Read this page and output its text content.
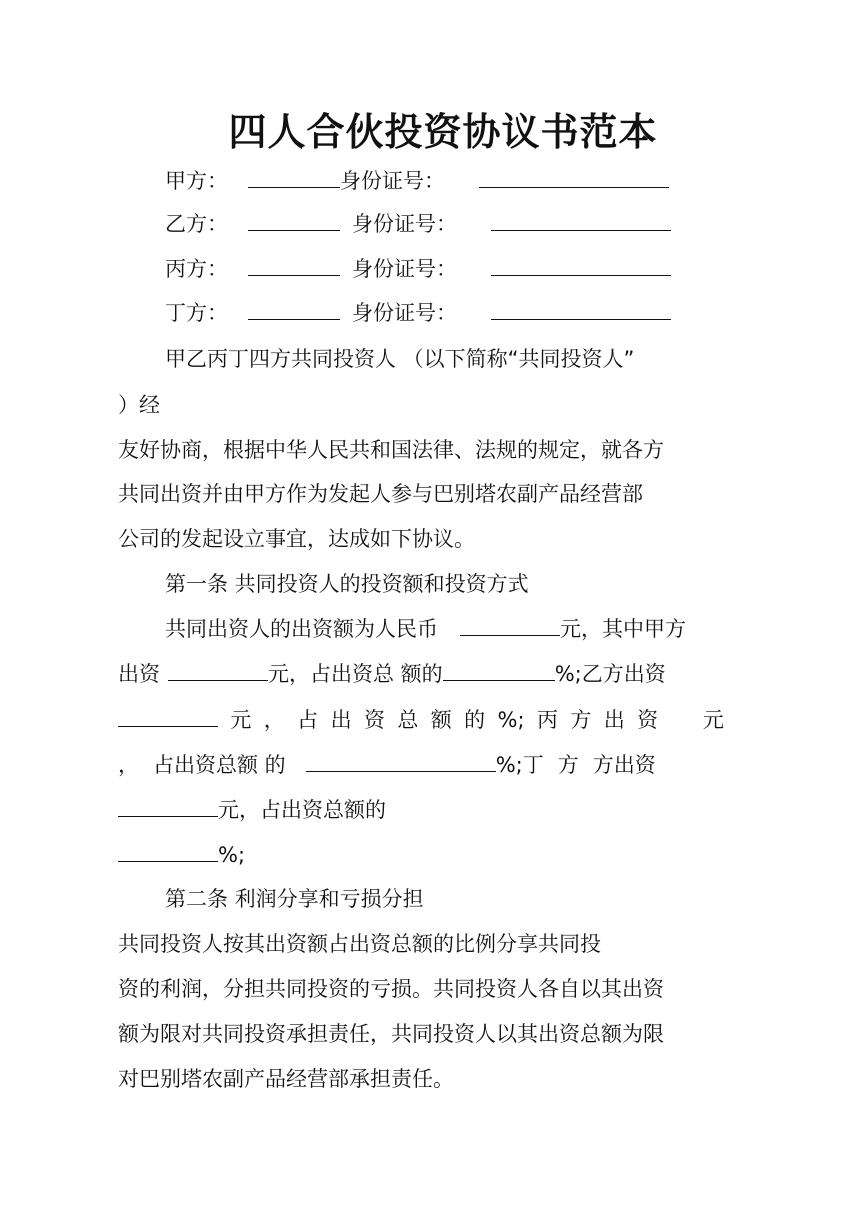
四人合伙投资协议书范本
甲方：	身份证号：
乙方：	身份证号：
丙方：	身份证号：
丁方：	身份证号：
甲乙丙丁四方共同投资人 （以下简称“共同投资人”
）经
友好协商，根据中华人民共和国法律、法规的规定，就各方
共同出资并由甲方作为发起人参与巴别塔农副产品经营部
公司的发起设立事宜，达成如下协议。
第一条 共同投资人的投资额和投资方式
共同出资人的出资额为人民币	元，其中甲方
出资	元，占出资总 额的	%;乙方出资
元 ， 占 出 资 总 额 的 %; 丙 方 出 资 元
， 占出资总额 的	%;丁 方 方出资
元，占出资总额的
%;
第二条 利润分享和亏损分担
共同投资人按其出资额占出资总额的比例分享共同投
资的利润，分担共同投资的亏损。共同投资人各自以其出资
额为限对共同投资承担责任，共同投资人以其出资总额为限
对巴别塔农副产品经营部承担责任。
